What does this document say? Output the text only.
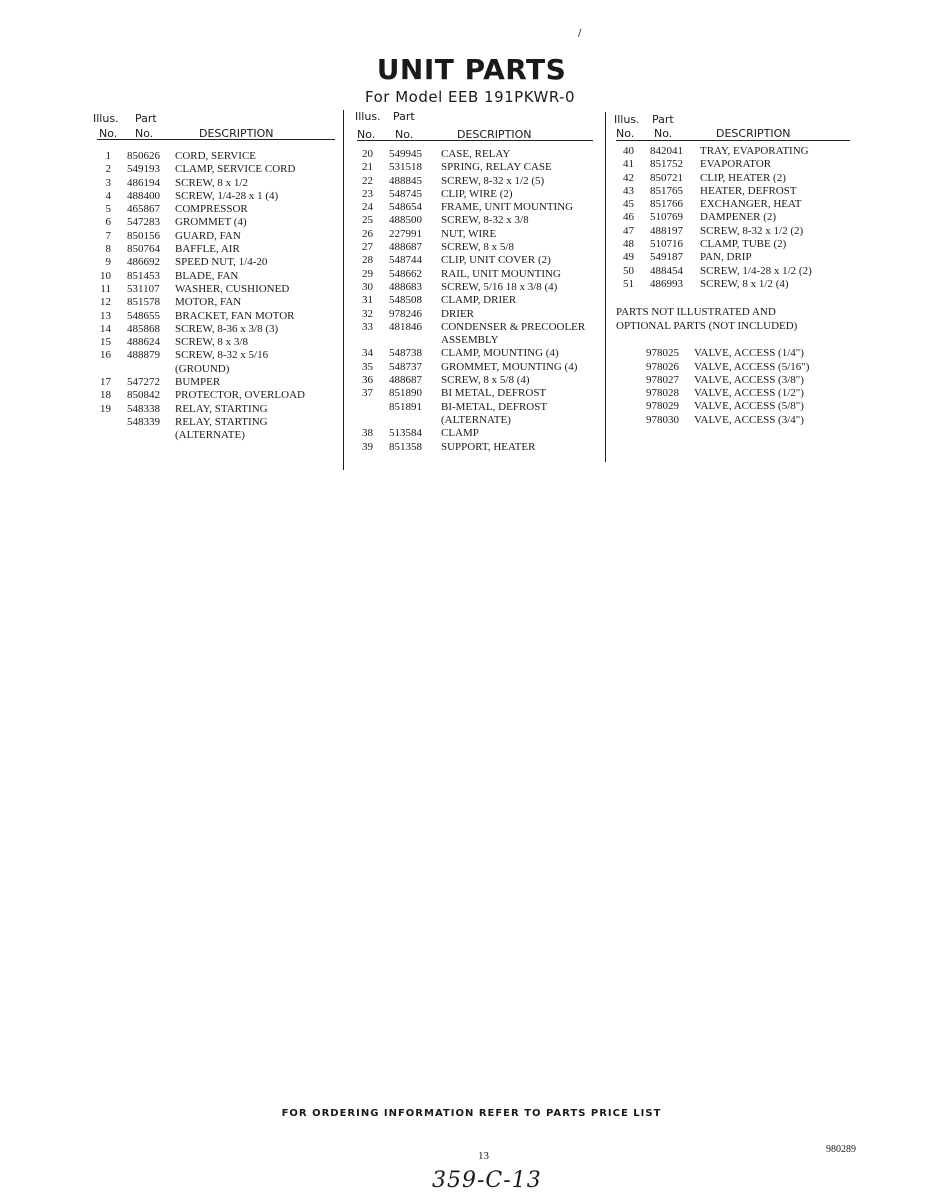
UNIT PARTS
For Model EEB 191PKWR-0
∕
Illus. Part
No. No.	DESCRIPTION
1	850626	CORD, SERVICE
2	549193	CLAMP, SERVICE CORD
3	486194	SCREW, 8 x 1/2
4	488400	SCREW, 1/4-28 x 1 (4)
5	465867	COMPRESSOR
6	547283	GROMMET (4)
7	850156	GUARD, FAN
8	850764	BAFFLE, AIR
9	486692	SPEED NUT, 1/4-20
10	851453	BLADE, FAN
11	531107	WASHER, CUSHIONED
12	851578	MOTOR, FAN
13	548655	BRACKET, FAN MOTOR
14	485868	SCREW, 8-36 x 3/8 (3)
15	488624	SCREW, 8 x 3/8
16	488879	SCREW, 8-32 x 5/16
(GROUND)
17	547272	BUMPER
18	850842	PROTECTOR, OVERLOAD
19	548338	RELAY, STARTING
548339	RELAY, STARTING
(ALTERNATE)
Illus. Part
No. No.	DESCRIPTION
20	549945	CASE, RELAY
21	531518	SPRING, RELAY CASE
22	488845	SCREW, 8-32 x 1/2 (5)
23	548745	CLIP, WIRE (2)
24	548654	FRAME, UNIT MOUNTING
25	488500	SCREW, 8-32 x 3/8
26	227991	NUT, WIRE
27	488687	SCREW, 8 x 5/8
28	548744	CLIP, UNIT COVER (2)
29	548662	RAIL, UNIT MOUNTING
30	488683	SCREW, 5/16 18 x 3/8 (4)
31	548508	CLAMP, DRIER
32	978246	DRIER
33	481846	CONDENSER & PRECOOLER
ASSEMBLY
34	548738	CLAMP, MOUNTING (4)
35	548737	GROMMET, MOUNTING (4)
36	488687	SCREW, 8 x 5/8 (4)
37	851890	BI METAL, DEFROST
851891	BI-METAL, DEFROST
(ALTERNATE)
38	513584	CLAMP
39	851358	SUPPORT, HEATER
Illus. Part
No. No.	DESCRIPTION
40	842041	TRAY, EVAPORATING
41	851752	EVAPORATOR
42	850721	CLIP, HEATER (2)
43	851765	HEATER, DEFROST
45	851766	EXCHANGER, HEAT
46	510769	DAMPENER (2)
47	488197	SCREW, 8-32 x 1/2 (2)
48	510716	CLAMP, TUBE (2)
49	549187	PAN, DRIP
50	488454	SCREW, 1/4-28 x 1/2 (2)
51	486993	SCREW, 8 x 1/2 (4)
PARTS NOT ILLUSTRATED AND
OPTIONAL PARTS (NOT INCLUDED)
978025	VALVE, ACCESS (1/4")
978026	VALVE, ACCESS (5/16")
978027	VALVE, ACCESS (3/8")
978028	VALVE, ACCESS (1/2")
978029	VALVE, ACCESS (5/8")
978030	VALVE, ACCESS (3/4")
FOR ORDERING INFORMATION REFER TO PARTS PRICE LIST
13
980289
359-C-13
